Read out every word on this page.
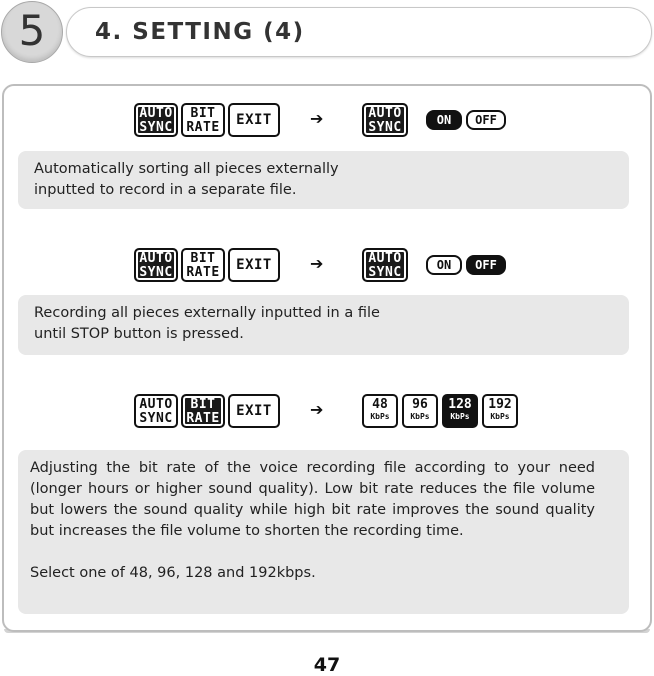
5	4. SETTING (4)
AUTO
SYNC
BIT
RATE	EXIT	➔	AUTO
SYNC	ON	OFF

Automatically sorting all pieces externally

inputted to record in a separate file.

AUTO
SYNC
BIT
RATE	EXIT	➔	AUTO
SYNC	ON	OFF

Recording all pieces externally inputted in a file

until STOP button is pressed.

AUTO
SYNC
BIT
RATE	EXIT	➔	48
KbPs
96
KbPs
128
KbPs
192
KbPs

Adjusting the bit rate of the voice recording file according to your need (longer hours or higher sound quality). Low bit rate reduces the file volume but lowers the sound quality while high bit rate improves the sound quality but increases the file volume to shorten the recording time.

Select one of 48, 96, 128 and 192kbps.

47
